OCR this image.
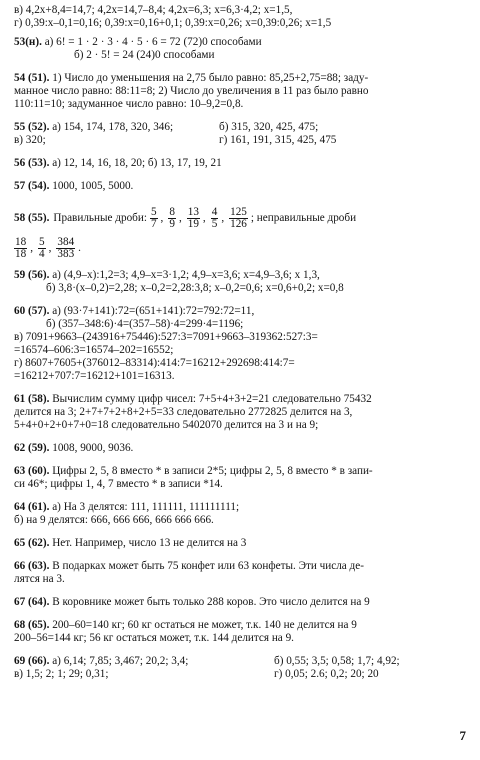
в) 4,2x+8,4=14,7; 4,2x=14,7–8,4; 4,2x=6,3; x=6,3·4,2; x=1,5,
г) 0,39:x–0,1=0,16; 0,39:x=0,16+0,1; 0,39:x=0,26; x=0,39:0,26; x=1,5
53(н). а) 6! = 1 · 2 · 3 · 4 · 5 · 6 = 72 (72)0 способами
б) 2 · 5! = 24 (24)0 способами
54 (51). 1) Число до уменьшения на 2,75 было равно: 85,25+2,75=88; заду-
манное число равно: 88:11=8; 2) Число до увеличения в 11 раз было равно
110:11=10; задуманное число равно: 10–9,2=0,8.
55 (52). а) 154, 174, 178, 320, 346;	б) 315, 320, 425, 475;
в) 320;	г) 161, 191, 315, 425, 475
56 (53). а) 12, 14, 16, 18, 20; б) 13, 17, 19, 21
57 (54). 1000, 1005, 5000.
58 (55). Правильные дроби: $\frac{5}{7}$ , $\frac{8}{9}$ , $\frac{13}{19}$ , $\frac{4}{5}$ , $\frac{125}{126}$ ; неправильные дроби
$\frac{18}{18}$ , $\frac{5}{4}$ , $\frac{384}{383}$ .
59 (56). а) (4,9–x):1,2=3; 4,9–x=3·1,2; 4,9–x=3,6; x=4,9–3,6; x 1,3,
б) 3,8·(x–0,2)=2,28; x–0,2=2,28:3,8; x–0,2=0,6; x=0,6+0,2; x=0,8
60 (57). а) (93·7+141):72=(651+141):72=792:72=11,
б) (357–348:6)·4=(357–58)·4=299·4=1196;
в) 7091+9663–(243916+75446):527:3=7091+9663–319362:527:3=
=16574–606:3=16574–202=16552;
г) 8607+7605+(376012–83314):414:7=16212+292698:414:7=
=16212+707:7=16212+101=16313.
61 (58). Вычислим сумму цифр чисел: 7+5+4+3+2=21 следовательно 75432
делится на 3; 2+7+7+2+8+2+5=33 следовательно 2772825 делится на 3,
5+4+0+2+0+7+0=18 следовательно 5402070 делится на 3 и на 9;
62 (59). 1008, 9000, 9036.
63 (60). Цифры 2, 5, 8 вместо * в записи 2*5; цифры 2, 5, 8 вместо * в запи-
си 46*; цифры 1, 4, 7 вместо * в записи *14.
64 (61). а) На 3 делятся: 111, 111111, 111111111;
б) на 9 делятся: 666, 666 666, 666 666 666.
65 (62). Нет. Например, число 13 не делится на 3
66 (63). В подарках может быть 75 конфет или 63 конфеты. Эти числа де-
лятся на 3.
67 (64). В коровнике может быть только 288 коров. Это число делится на 9
68 (65). 200–60=140 кг; 60 кг остаться не может, т.к. 140 не делится на 9
200–56=144 кг; 56 кг остаться может, т.к. 144 делится на 9.
69 (66). а) 6,14; 7,85; 3,467; 20,2; 3,4;	б) 0,55; 3,5; 0,58; 1,7; 4,92;
в) 1,5; 2; 1; 29; 0,31;	г) 0,05; 2.6; 0,2; 20; 20
7
